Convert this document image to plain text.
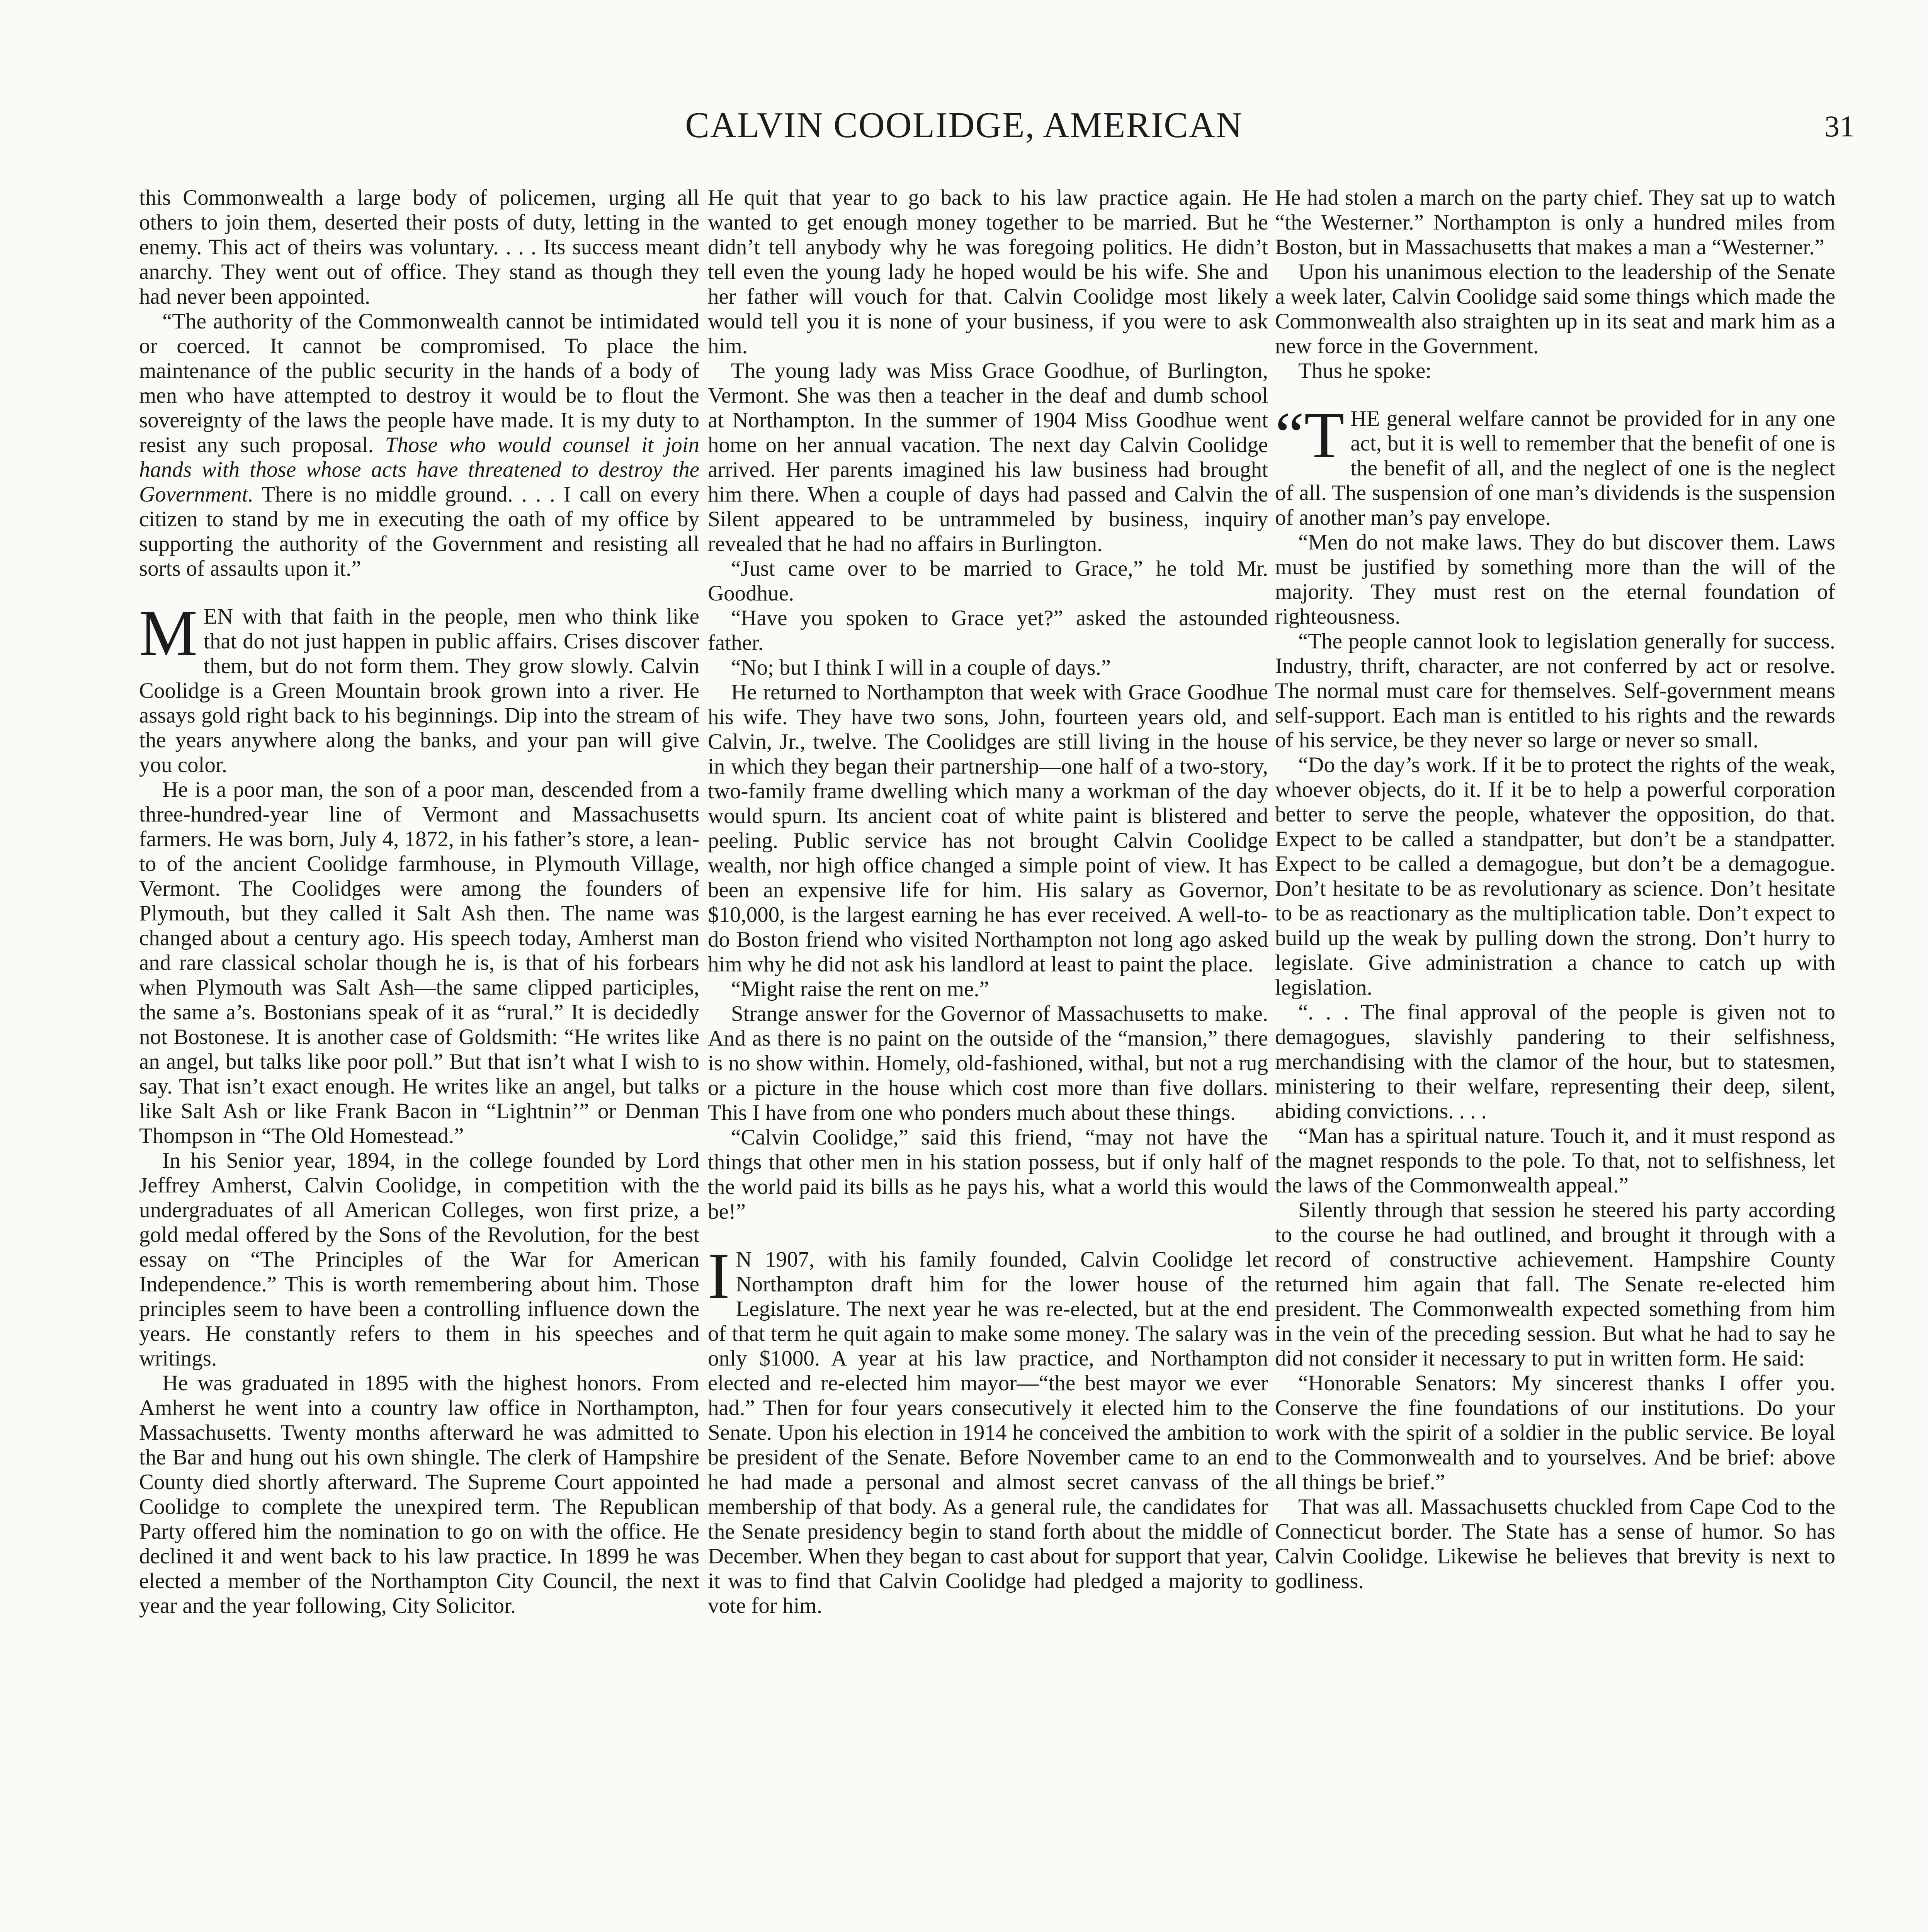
CALVIN COOLIDGE, AMERICAN	31

this Commonwealth a large body of policemen, urging all others to join them, deserted their posts of duty, letting in the enemy. This act of theirs was voluntary. . . . Its success meant anarchy. They went out of office. They stand as though they had never been appointed.

“The authority of the Commonwealth cannot be intimidated or coerced. It cannot be compromised. To place the maintenance of the public security in the hands of a body of men who have attempted to destroy it would be to flout the sovereignty of the laws the people have made. It is my duty to resist any such proposal. Those who would counsel it join hands with those whose acts have threatened to destroy the Government. There is no middle ground. . . . I call on every citizen to stand by me in executing the oath of my office by supporting the authority of the Government and resisting all sorts of assaults upon it.”

MEN with that faith in the people, men who think like that do not just happen in public affairs. Crises discover them, but do not form them. They grow slowly. Calvin Coolidge is a Green Mountain brook grown into a river. He assays gold right back to his beginnings. Dip into the stream of the years anywhere along the banks, and your pan will give you color.

He is a poor man, the son of a poor man, descended from a three-hundred-year line of Vermont and Massachusetts farmers. He was born, July 4, 1872, in his father’s store, a lean-to of the ancient Coolidge farmhouse, in Plymouth Village, Vermont. The Coolidges were among the founders of Plymouth, but they called it Salt Ash then. The name was changed about a century ago. His speech today, Amherst man and rare classical scholar though he is, is that of his forbears when Plymouth was Salt Ash—the same clipped participles, the same a’s. Bostonians speak of it as “rural.” It is decidedly not Bostonese. It is another case of Goldsmith: “He writes like an angel, but talks like poor poll.” But that isn’t what I wish to say. That isn’t exact enough. He writes like an angel, but talks like Salt Ash or like Frank Bacon in “Lightnin’” or Denman Thompson in “The Old Homestead.”

In his Senior year, 1894, in the college founded by Lord Jeffrey Amherst, Calvin Coolidge, in competition with the undergraduates of all American Colleges, won first prize, a gold medal offered by the Sons of the Revolution, for the best essay on “The Principles of the War for American Independence.” This is worth remembering about him. Those principles seem to have been a controlling influence down the years. He constantly refers to them in his speeches and writings.

He was graduated in 1895 with the highest honors. From Amherst he went into a country law office in Northampton, Massachusetts. Twenty months afterward he was admitted to the Bar and hung out his own shingle. The clerk of Hampshire County died shortly afterward. The Supreme Court appointed Coolidge to complete the unexpired term. The Republican Party offered him the nomination to go on with the office. He declined it and went back to his law practice. In 1899 he was elected a member of the Northampton City Council, the next year and the year following, City Solicitor.

He quit that year to go back to his law practice again. He wanted to get enough money together to be married. But he didn’t tell anybody why he was foregoing politics. He didn’t tell even the young lady he hoped would be his wife. She and her father will vouch for that. Calvin Coolidge most likely would tell you it is none of your business, if you were to ask him.

The young lady was Miss Grace Goodhue, of Burlington, Vermont. She was then a teacher in the deaf and dumb school at Northampton. In the summer of 1904 Miss Goodhue went home on her annual vacation. The next day Calvin Coolidge arrived. Her parents imagined his law business had brought him there. When a couple of days had passed and Calvin the Silent appeared to be untrammeled by business, inquiry revealed that he had no affairs in Burlington.

“Just came over to be married to Grace,” he told Mr. Goodhue.

“Have you spoken to Grace yet?” asked the astounded father.

“No; but I think I will in a couple of days.”

He returned to Northampton that week with Grace Goodhue his wife. They have two sons, John, fourteen years old, and Calvin, Jr., twelve. The Coolidges are still living in the house in which they began their partnership—one half of a two-story, two-family frame dwelling which many a workman of the day would spurn. Its ancient coat of white paint is blistered and peeling. Public service has not brought Calvin Coolidge wealth, nor high office changed a simple point of view. It has been an expensive life for him. His salary as Governor, $10,000, is the largest earning he has ever received. A well-to-do Boston friend who visited Northampton not long ago asked him why he did not ask his landlord at least to paint the place.

“Might raise the rent on me.”

Strange answer for the Governor of Massachusetts to make. And as there is no paint on the outside of the “mansion,” there is no show within. Homely, old-fashioned, withal, but not a rug or a picture in the house which cost more than five dollars. This I have from one who ponders much about these things.

“Calvin Coolidge,” said this friend, “may not have the things that other men in his station possess, but if only half of the world paid its bills as he pays his, what a world this would be!”

I N 1907, with his family founded, Calvin Coolidge let Northampton draft him for the lower house of the Legislature. The next year he was re-elected, but at the end of that term he quit again to make some money. The salary was only $1000. A year at his law practice, and Northampton elected and re-elected him mayor—“the best mayor we ever had.” Then for four years consecutively it elected him to the Senate. Upon his election in 1914 he conceived the ambition to be president of the Senate. Before November came to an end he had made a personal and almost secret canvass of the membership of that body. As a general rule, the candidates for the Senate presidency begin to stand forth about the middle of December. When they began to cast about for support that year, it was to find that Calvin Coolidge had pledged a majority to vote for him.

He had stolen a march on the party chief. They sat up to watch “the Westerner.” Northampton is only a hundred miles from Boston, but in Massachusetts that makes a man a “Westerner.”

Upon his unanimous election to the leadership of the Senate a week later, Calvin Coolidge said some things which made the Commonwealth also straighten up in its seat and mark him as a new force in the Government.

Thus he spoke:

“THE general welfare cannot be provided for in any one act, but it is well to remember that the benefit of one is the benefit of all, and the neglect of one is the neglect of all. The suspension of one man’s dividends is the suspension of another man’s pay envelope.

“Men do not make laws. They do but discover them. Laws must be justified by something more than the will of the majority. They must rest on the eternal foundation of righteousness.

“The people cannot look to legislation generally for success. Industry, thrift, character, are not conferred by act or resolve. The normal must care for themselves. Self-government means self-support. Each man is entitled to his rights and the rewards of his service, be they never so large or never so small.

“Do the day’s work. If it be to protect the rights of the weak, whoever objects, do it. If it be to help a powerful corporation better to serve the people, whatever the opposition, do that. Expect to be called a standpatter, but don’t be a standpatter. Expect to be called a demagogue, but don’t be a demagogue. Don’t hesitate to be as revolutionary as science. Don’t hesitate to be as reactionary as the multiplication table. Don’t expect to build up the weak by pulling down the strong. Don’t hurry to legislate. Give administration a chance to catch up with legislation.

“. . . The final approval of the people is given not to demagogues, slavishly pandering to their selfishness, merchandising with the clamor of the hour, but to statesmen, ministering to their welfare, representing their deep, silent, abiding convictions. . . .

“Man has a spiritual nature. Touch it, and it must respond as the magnet responds to the pole. To that, not to selfishness, let the laws of the Commonwealth appeal.”

Silently through that session he steered his party according to the course he had outlined, and brought it through with a record of constructive achievement. Hampshire County returned him again that fall. The Senate re-elected him president. The Commonwealth expected something from him in the vein of the preceding session. But what he had to say he did not consider it necessary to put in written form. He said:

“Honorable Senators: My sincerest thanks I offer you. Conserve the fine foundations of our institutions. Do your work with the spirit of a soldier in the public service. Be loyal to the Commonwealth and to yourselves. And be brief: above all things be brief.”

That was all. Massachusetts chuckled from Cape Cod to the Connecticut border. The State has a sense of humor. So has Calvin Coolidge. Likewise he believes that brevity is next to godliness.
